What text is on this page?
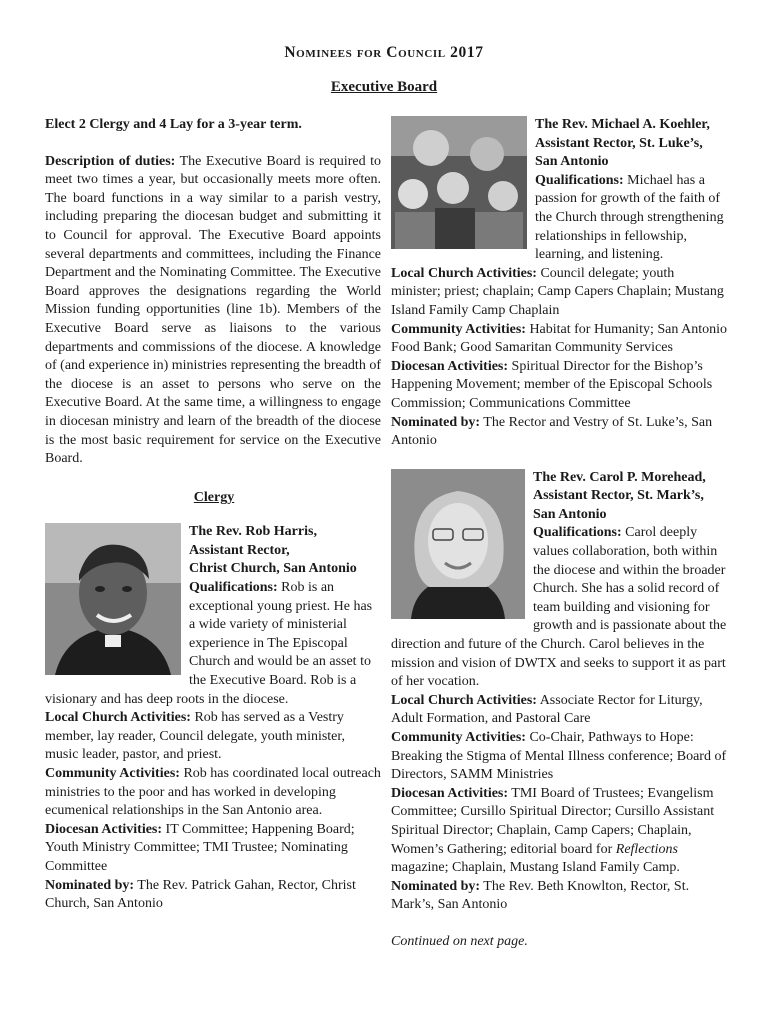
Nominees for Council 2017
Executive Board

Elect 2 Clergy and 4 Lay for a 3-year term.

Description of duties: The Executive Board is required to meet two times a year, but occasionally meets more often. The board functions in a way similar to a parish vestry, including preparing the diocesan budget and submitting it to Council for approval. The Executive Board appoints several departments and committees, including the Finance Department and the Nominating Committee. The Executive Board approves the designations regarding the World Mission funding opportunities (line 1b). Members of the Executive Board serve as liaisons to the various departments and commissions of the diocese. A knowledge of (and experience in) ministries representing the breadth of the diocese is an asset to persons who serve on the Executive Board. At the same time, a willingness to engage in diocesan ministry and learn of the breadth of the diocese is the most basic requirement for service on the Executive Board.

Clergy

The Rev. Rob Harris,

Assistant Rector,

Christ Church, San Antonio

Qualifications: Rob is an exceptional young priest. He has a wide variety of ministerial experience in The Episcopal Church and would be an asset to the Executive Board. Rob is a visionary and has deep roots in the diocese.

Local Church Activities: Rob has served as a Vestry member, lay reader, Council delegate, youth minister, music leader, pastor, and priest.

Community Activities: Rob has coordinated local outreach ministries to the poor and has worked in developing ecumenical relationships in the San Antonio area.

Diocesan Activities: IT Committee; Happening Board; Youth Ministry Committee; TMI Trustee; Nominating Committee

Nominated by: The Rev. Patrick Gahan, Rector, Christ Church, San Antonio

The Rev. Michael A. Koehler,

Assistant Rector, St. Luke’s,

San Antonio

Qualifications: Michael has a passion for growth of the faith of the Church through strengthening relationships in fellowship, learning, and listening.

Local Church Activities: Council delegate; youth minister; priest; chaplain; Camp Capers Chaplain; Mustang Island Family Camp Chaplain

Community Activities: Habitat for Humanity; San Antonio Food Bank; Good Samaritan Community Services

Diocesan Activities: Spiritual Director for the Bishop’s Happening Movement; member of the Episcopal Schools Commission; Communications Committee

Nominated by: The Rector and Vestry of St. Luke’s, San Antonio

The Rev. Carol P. Morehead,

Assistant Rector, St. Mark’s,

San Antonio

Qualifications: Carol deeply values collaboration, both within the diocese and within the broader Church. She has a solid record of team building and visioning for growth and is passionate about the direction and future of the Church. Carol believes in the mission and vision of DWTX and seeks to support it as part of her vocation.

Local Church Activities: Associate Rector for Liturgy, Adult Formation, and Pastoral Care

Community Activities: Co-Chair, Pathways to Hope: Breaking the Stigma of Mental Illness conference; Board of Directors, SAMM Ministries

Diocesan Activities: TMI Board of Trustees; Evangelism Committee; Cursillo Spiritual Director; Cursillo Assistant Spiritual Director; Chaplain, Camp Capers; Chaplain, Women’s Gathering; editorial board for Reflections magazine; Chaplain, Mustang Island Family Camp.

Nominated by: The Rev. Beth Knowlton, Rector, St. Mark’s, San Antonio

Continued on next page.
